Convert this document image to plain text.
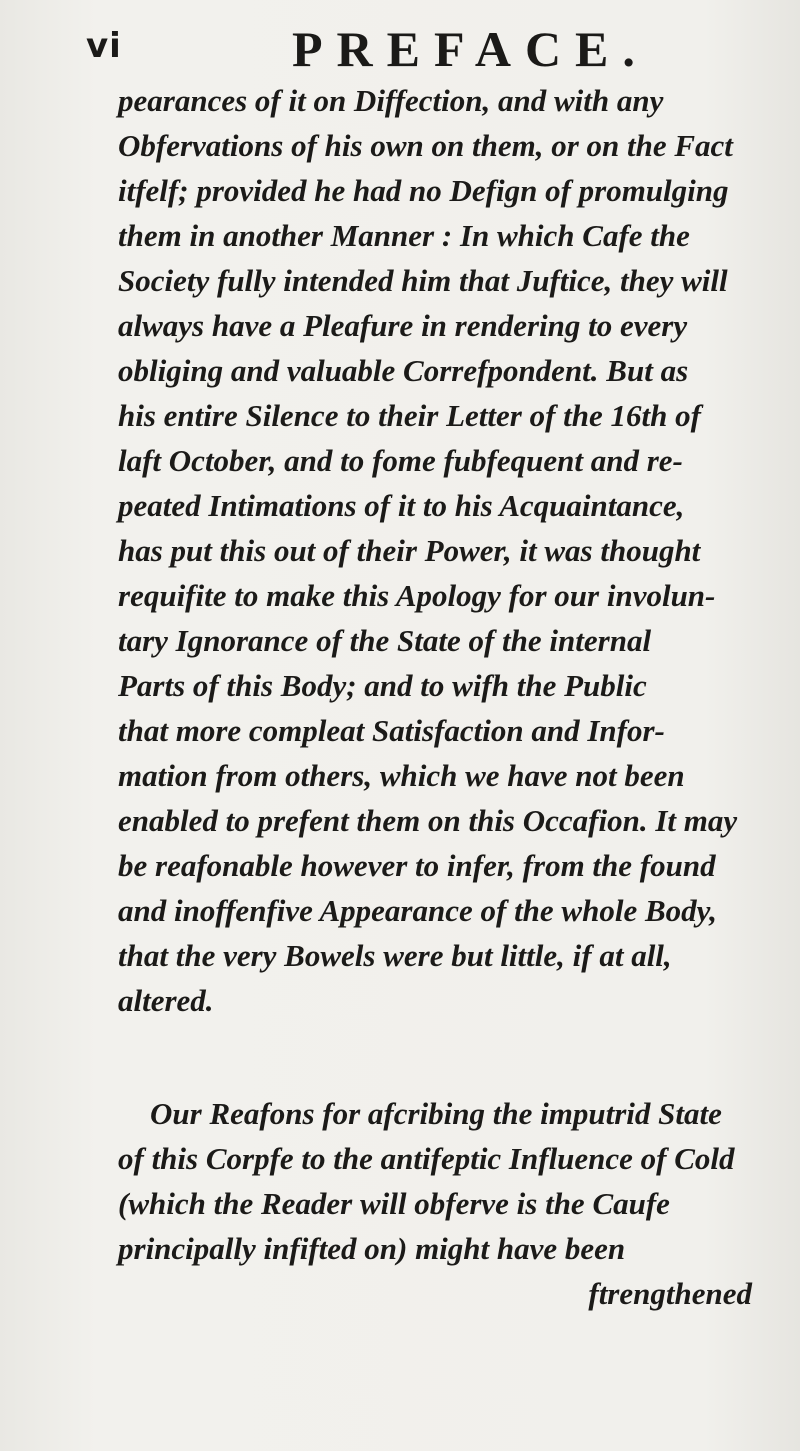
vi	PREFACE.
pearances of it on Diffection, and with any
Obfervations of his own on them, or on the Fact
itfelf; provided he had no Defign of promulging
them in another Manner : In which Cafe the
Society fully intended him that Juftice, they will
always have a Pleafure in rendering to every
obliging and valuable Correfpondent. But as
his entire Silence to their Letter of the 16th of
laft October, and to fome fubfequent and re-
peated Intimations of it to his Acquaintance,
has put this out of their Power, it was thought
requifite to make this Apology for our involun-
tary Ignorance of the State of the internal
Parts of this Body; and to wifh the Public
that more compleat Satisfaction and Infor-
mation from others, which we have not been
enabled to prefent them on this Occafion. It may
be reafonable however to infer, from the found
and inoffenfive Appearance of the whole Body,
that the very Bowels were but little, if at all,
altered.
Our Reafons for afcribing the imputrid State
of this Corpfe to the antifeptic Influence of Cold
(which the Reader will obferve is the Caufe
principally infifted on) might have been
ftrengthened
